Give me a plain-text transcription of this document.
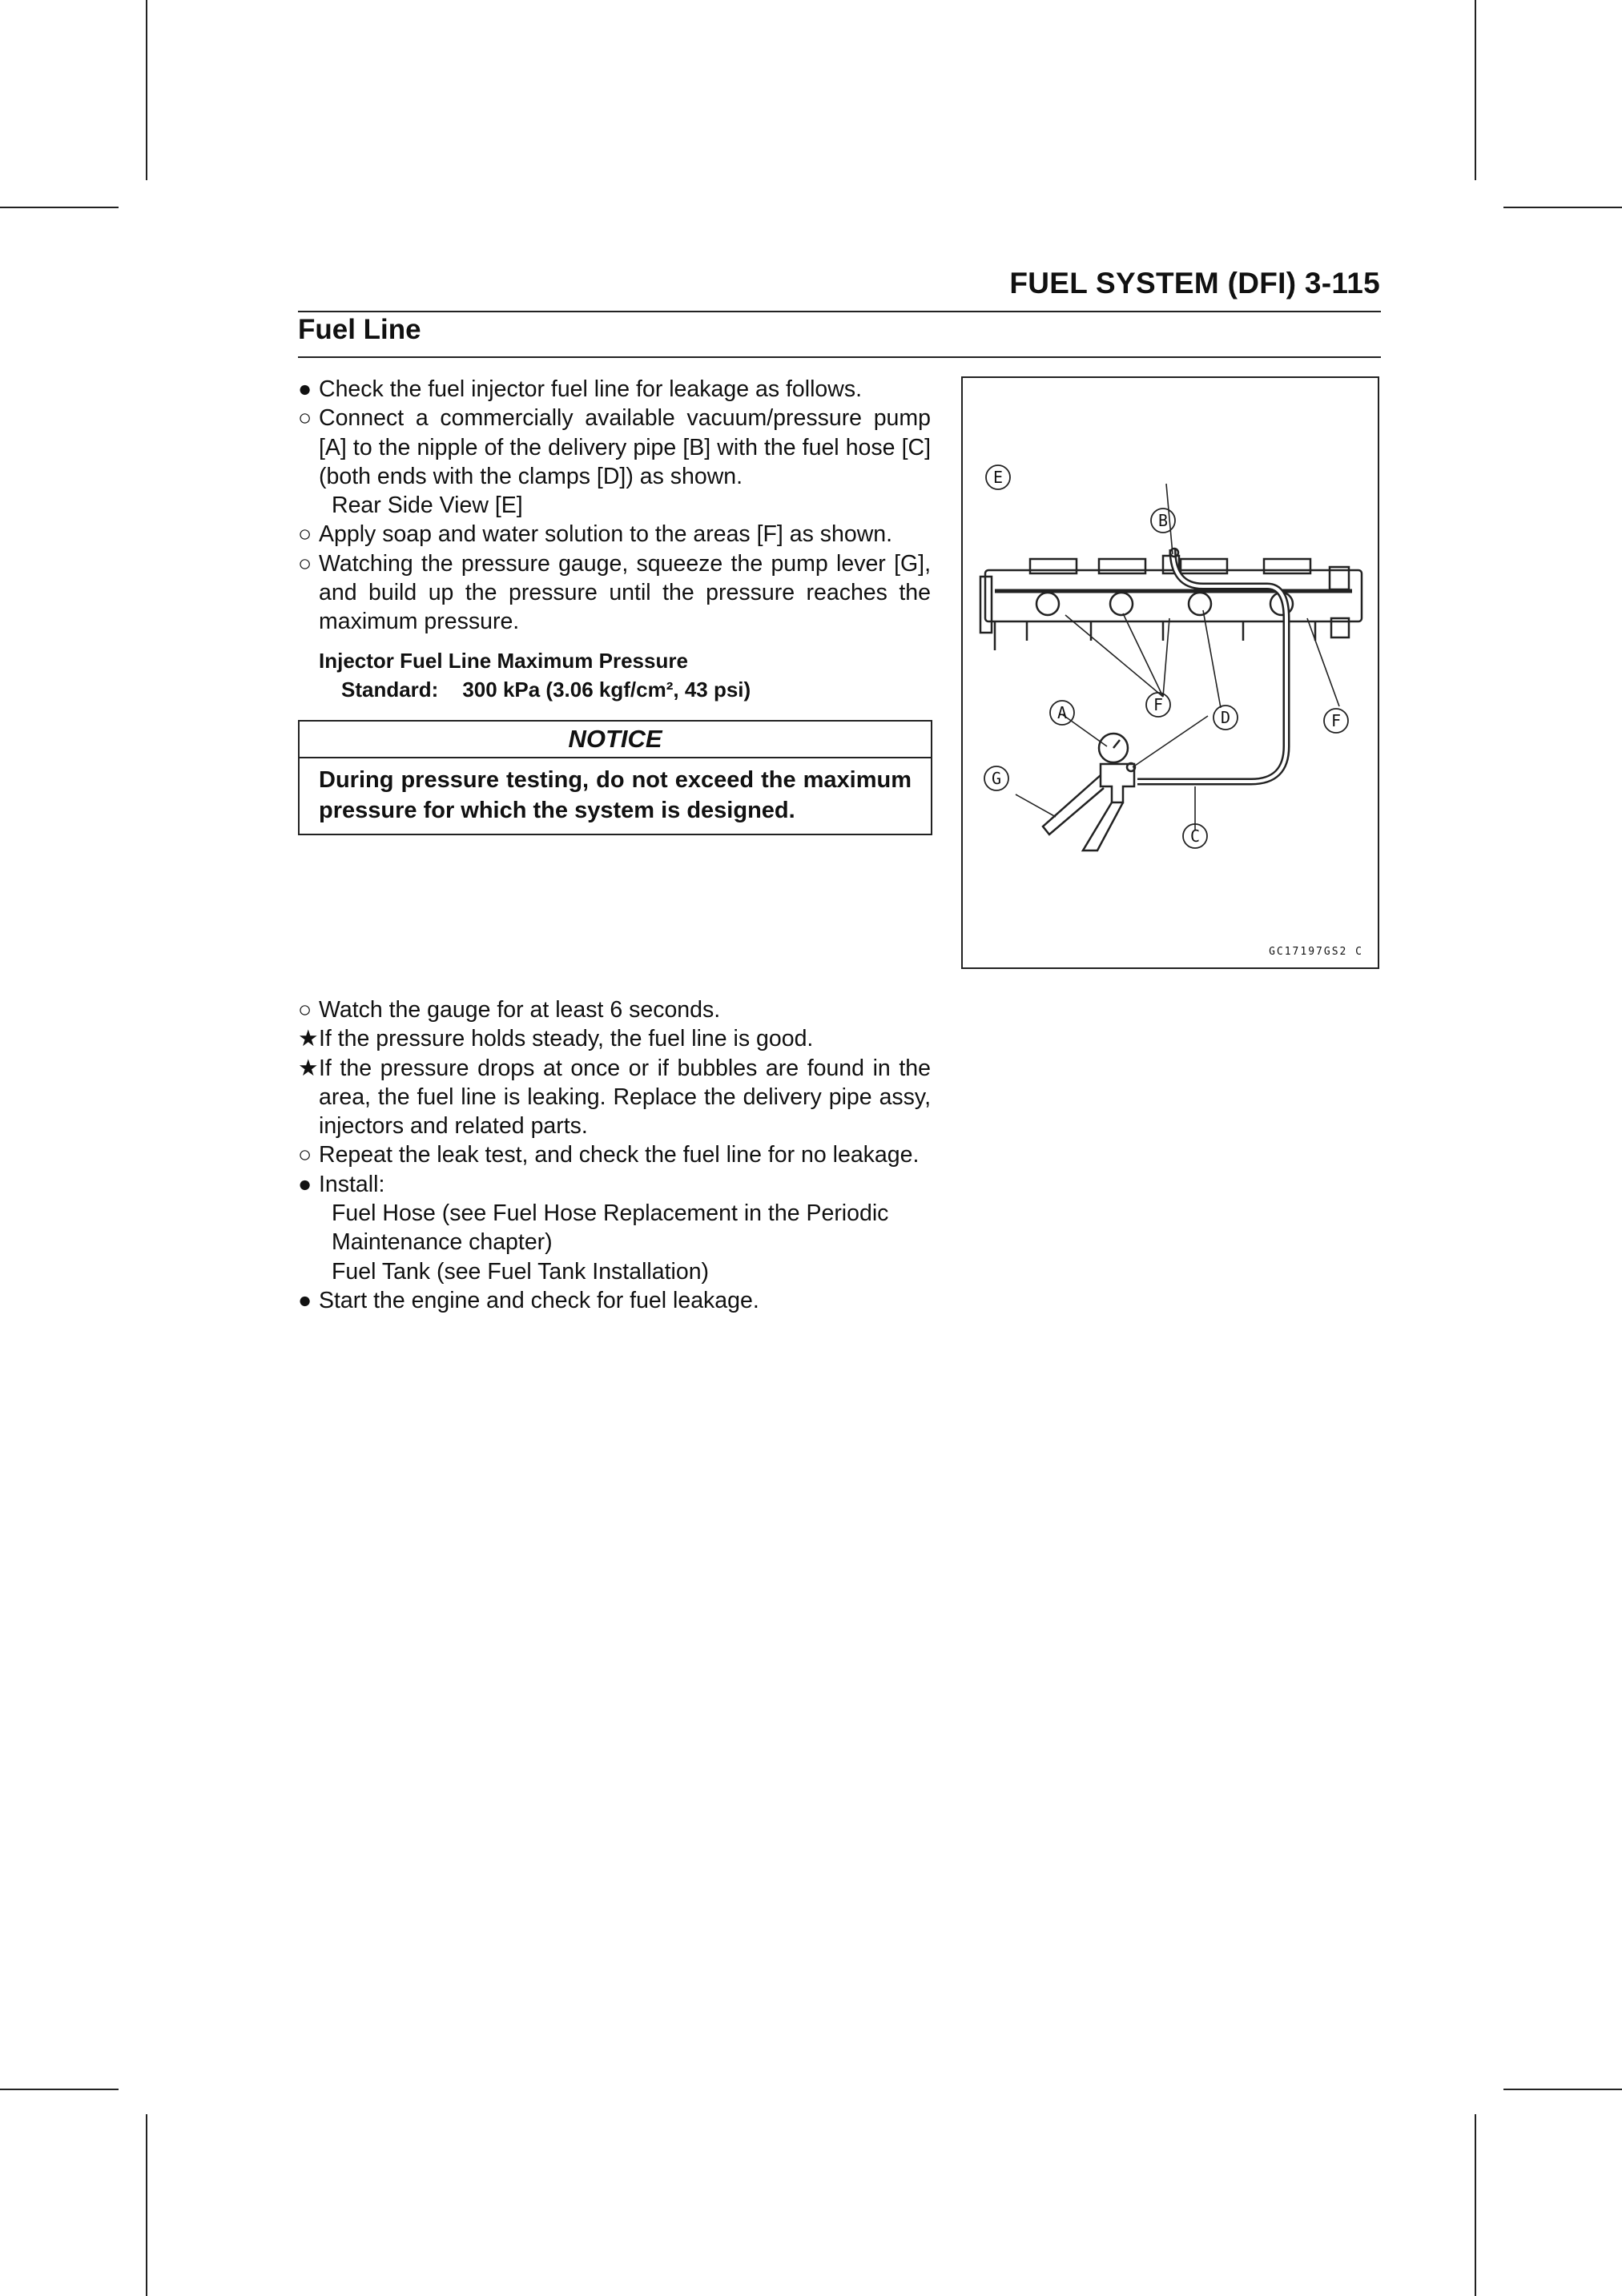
FUEL SYSTEM (DFI) 3-115
Fuel Line
● Check the fuel injector fuel line for leakage as follows.
○ Connect a commercially available vacuum/pressure pump [A] to the nipple of the delivery pipe [B] with the fuel hose [C] (both ends with the clamps [D]) as shown.
Rear Side View [E]
○ Apply soap and water solution to the areas [F] as shown.
○ Watching the pressure gauge, squeeze the pump lever [G], and build up the pressure until the pressure reaches the maximum pressure.
Injector Fuel Line Maximum Pressure
Standard: 300 kPa (3.06 kgf/cm², 43 psi)
NOTICE
During pressure testing, do not exceed the maximum pressure for which the system is designed.
E
B
A	F
D	F
G
C
GC17197GS2 C
○ Watch the gauge for at least 6 seconds.
★ If the pressure holds steady, the fuel line is good.
★ If the pressure drops at once or if bubbles are found in the area, the fuel line is leaking. Replace the delivery pipe assy, injectors and related parts.
○ Repeat the leak test, and check the fuel line for no leakage.
● Install:
Fuel Hose (see Fuel Hose Replacement in the Periodic Maintenance chapter)
Fuel Tank (see Fuel Tank Installation)
● Start the engine and check for fuel leakage.
